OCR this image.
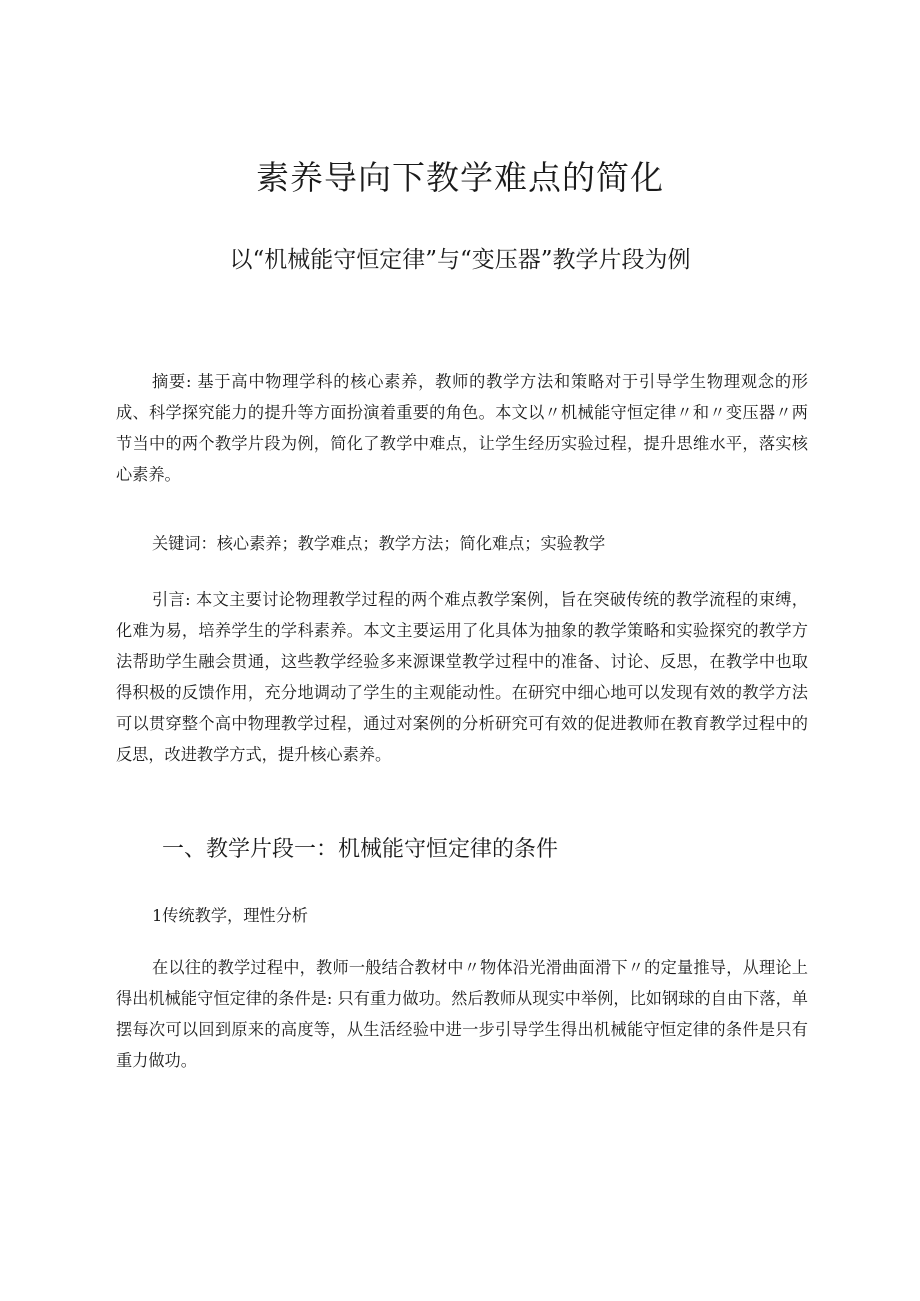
素养导向下教学难点的简化
以“机械能守恒定律”与“变压器”教学片段为例

摘要: 基于高中物理学科的核心素养，教师的教学方法和策略对于引导学生物理观念的形成、科学探究能力的提升等方面扮演着重要的角色。本文以〃机械能守恒定律〃和〃变压器〃两节当中的两个教学片段为例，简化了教学中难点，让学生经历实验过程，提升思维水平，落实核心素养。

关键词：核心素养；教学难点；教学方法；简化难点；实验教学

引言: 本文主要讨论物理教学过程的两个难点教学案例，旨在突破传统的教学流程的束缚，化难为易，培养学生的学科素养。本文主要运用了化具体为抽象的教学策略和实验探究的教学方法帮助学生融会贯通，这些教学经验多来源课堂教学过程中的准备、讨论、反思，在教学中也取得积极的反馈作用，充分地调动了学生的主观能动性。在研究中细心地可以发现有效的教学方法可以贯穿整个高中物理教学过程，通过对案例的分析研究可有效的促进教师在教育教学过程中的反思，改进教学方式，提升核心素养。

一、教学片段一：机械能守恒定律的条件
1传统教学，理性分析

在以往的教学过程中，教师一般结合教材中〃物体沿光滑曲面滑下〃的定量推导，从理论上得出机械能守恒定律的条件是: 只有重力做功。然后教师从现实中举例，比如钢球的自由下落，单摆每次可以回到原来的高度等，从生活经验中进一步引导学生得出机械能守恒定律的条件是只有重力做功。
